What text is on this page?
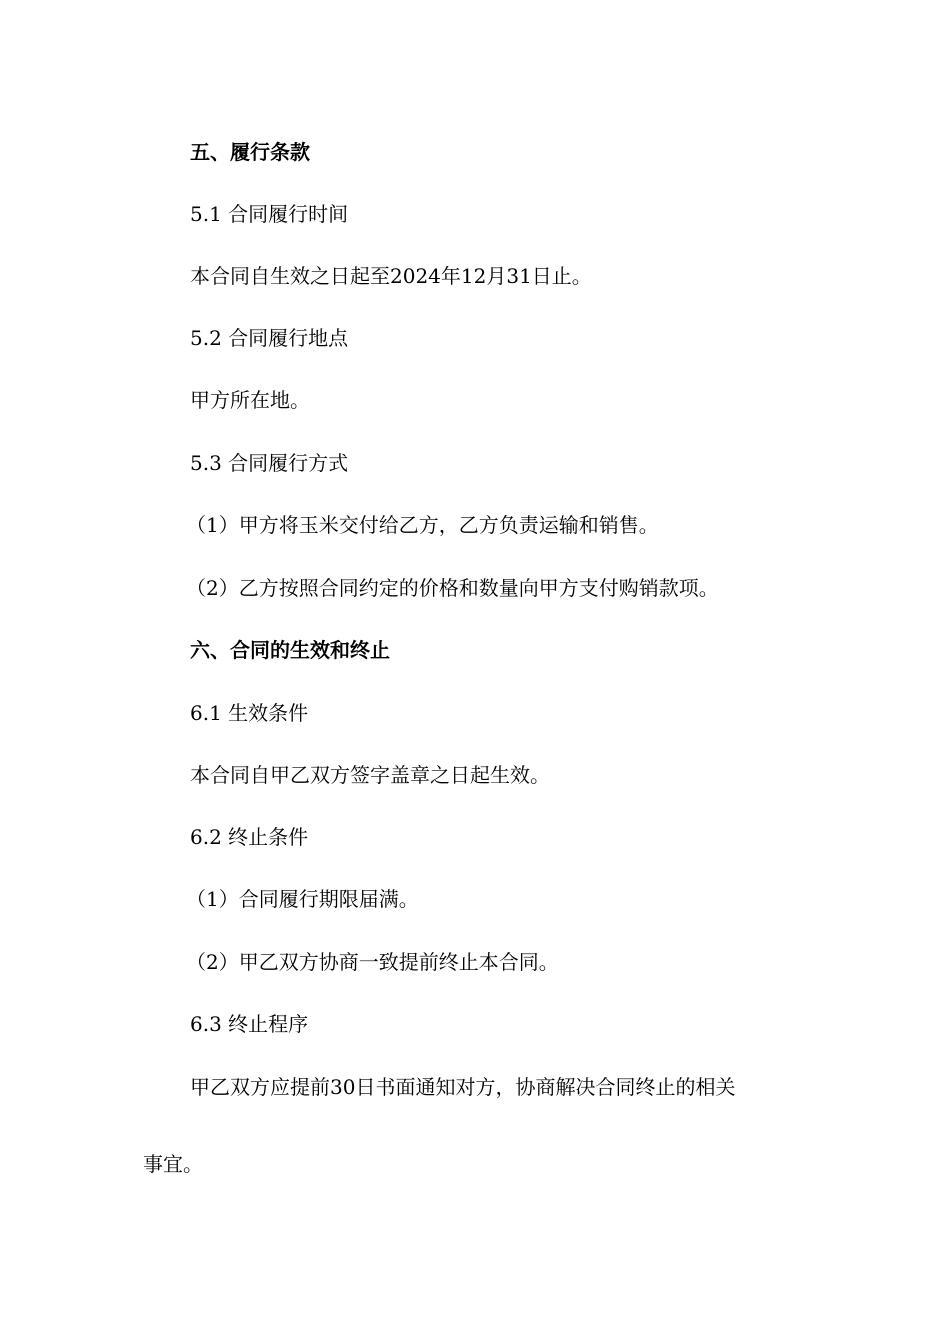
五、履行条款
5.1 合同履行时间
本合同自生效之日起至2024年12月31日止。
5.2 合同履行地点
甲方所在地。
5.3 合同履行方式
（1）甲方将玉米交付给乙方，乙方负责运输和销售。
（2）乙方按照合同约定的价格和数量向甲方支付购销款项。
六、合同的生效和终止
6.1 生效条件
本合同自甲乙双方签字盖章之日起生效。
6.2 终止条件
（1）合同履行期限届满。
（2）甲乙双方协商一致提前终止本合同。
6.3 终止程序
甲乙双方应提前30日书面通知对方，协商解决合同终止的相关
事宜。
